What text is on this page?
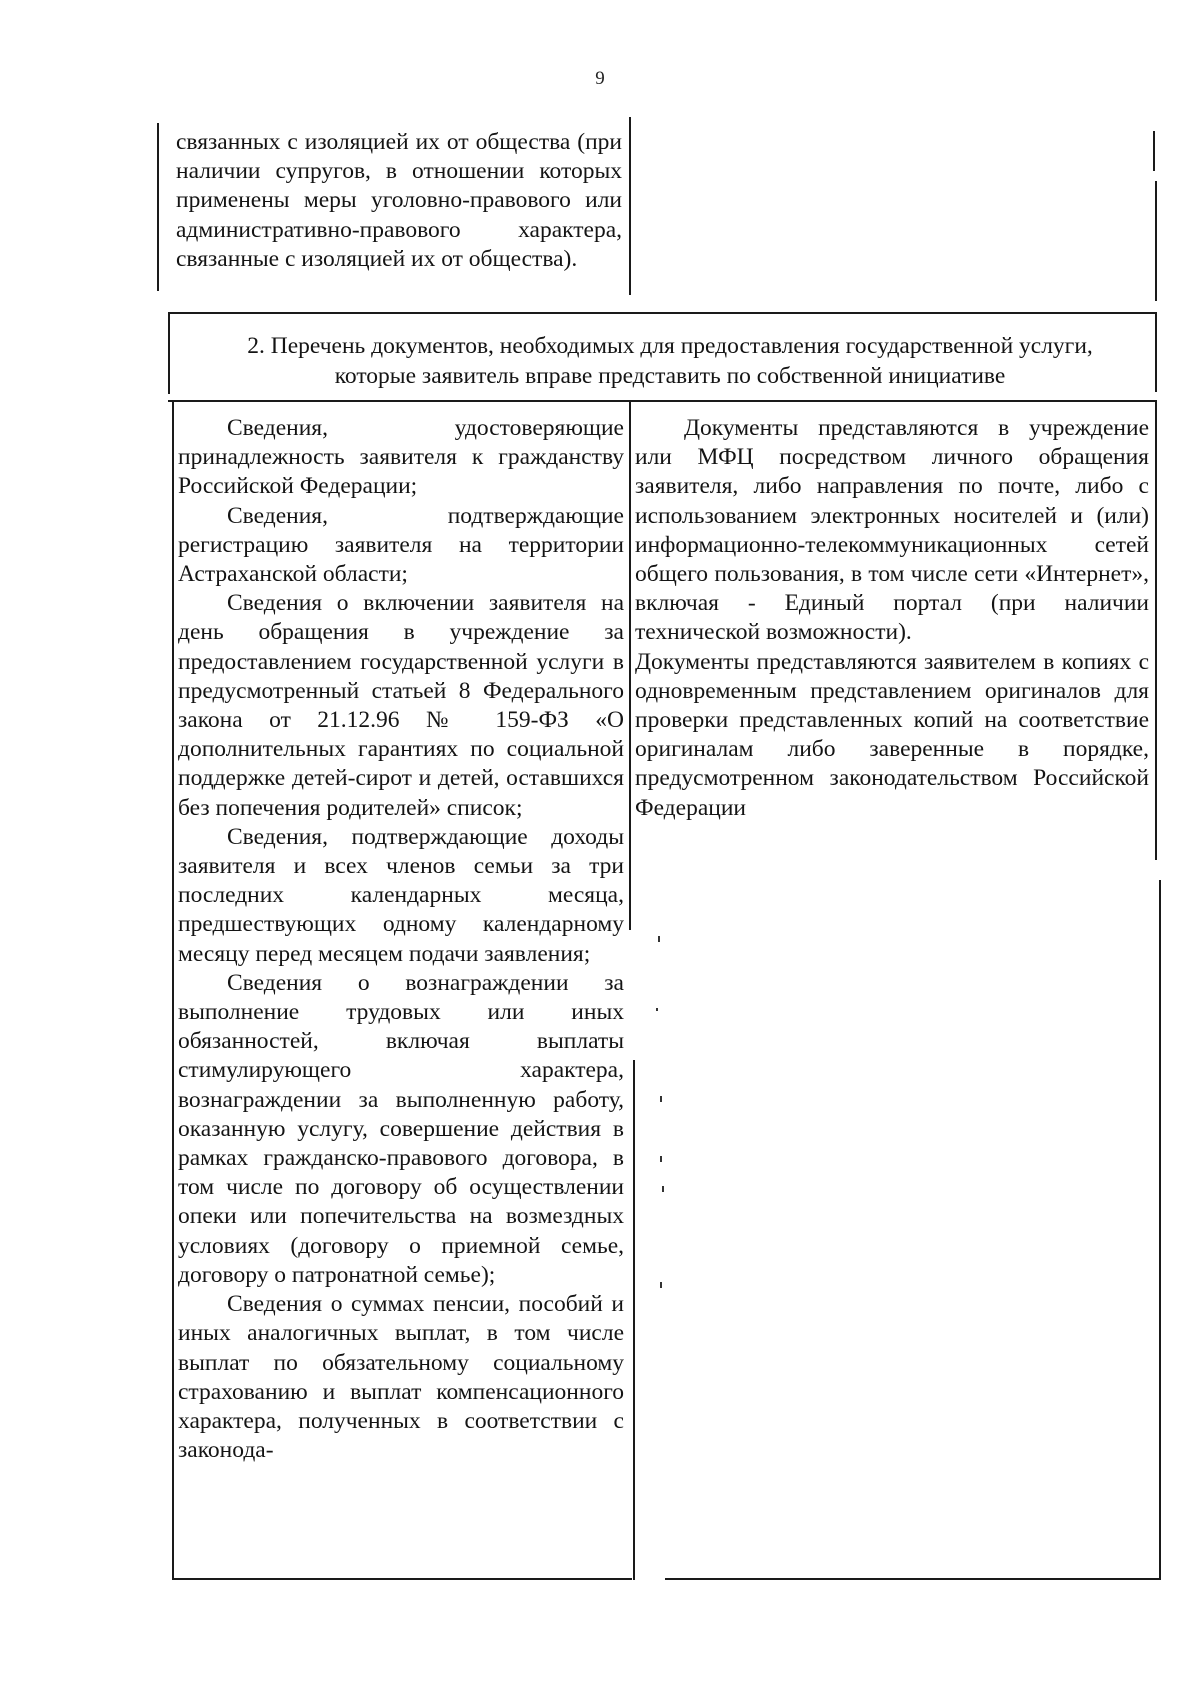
9

связанных с изоляцией их от общества (при наличии супругов, в отношении которых применены меры уголовно-правового или административно-правового характера, связанные с изоляцией их от общества).

2. Перечень документов, необходимых для предоставления государственной услуги,
которые заявитель вправе представить по собственной инициативе

Сведения, удостоверяющие принадлежность заявителя к гражданству Российской Федерации;

Сведения, подтверждающие регистрацию заявителя на территории Астраханской области;

Сведения о включении заявителя на день обращения в учреждение за предоставлением государственной услуги в предусмотренный статьей 8 Федерального закона от 21.12.96 № 159-ФЗ «О дополнительных гарантиях по социальной поддержке детей-сирот и детей, оставшихся без попечения родителей» список;

Сведения, подтверждающие доходы заявителя и всех членов семьи за три последних календарных месяца, предшествующих одному календарному месяцу перед месяцем подачи заявления;

Сведения о вознаграждении за выполнение трудовых или иных обязанностей, включая выплаты стимулирующего характера, вознаграждении за выполненную работу, оказанную услугу, совершение действия в рамках гражданско-правового договора, в том числе по договору об осуществлении опеки или попечительства на возмездных условиях (договору о приемной семье, договору о патронатной семье);

Сведения о суммах пенсии, пособий и иных аналогичных выплат, в том числе выплат по обязательному социальному страхованию и выплат компенсационного характера, полученных в соответствии с законода-

Документы представляются в учреждение или МФЦ посредством личного обращения заявителя, либо направления по почте, либо с использованием электронных носителей и (или) информационно-телекоммуникационных сетей общего пользования, в том числе сети «Интернет», включая - Единый портал (при наличии технической возможности).

Документы представляются заявителем в копиях с одновременным представлением оригиналов для проверки представленных копий на соответствие оригиналам либо заверенные в порядке, предусмотренном законодательством Российской Федерации
